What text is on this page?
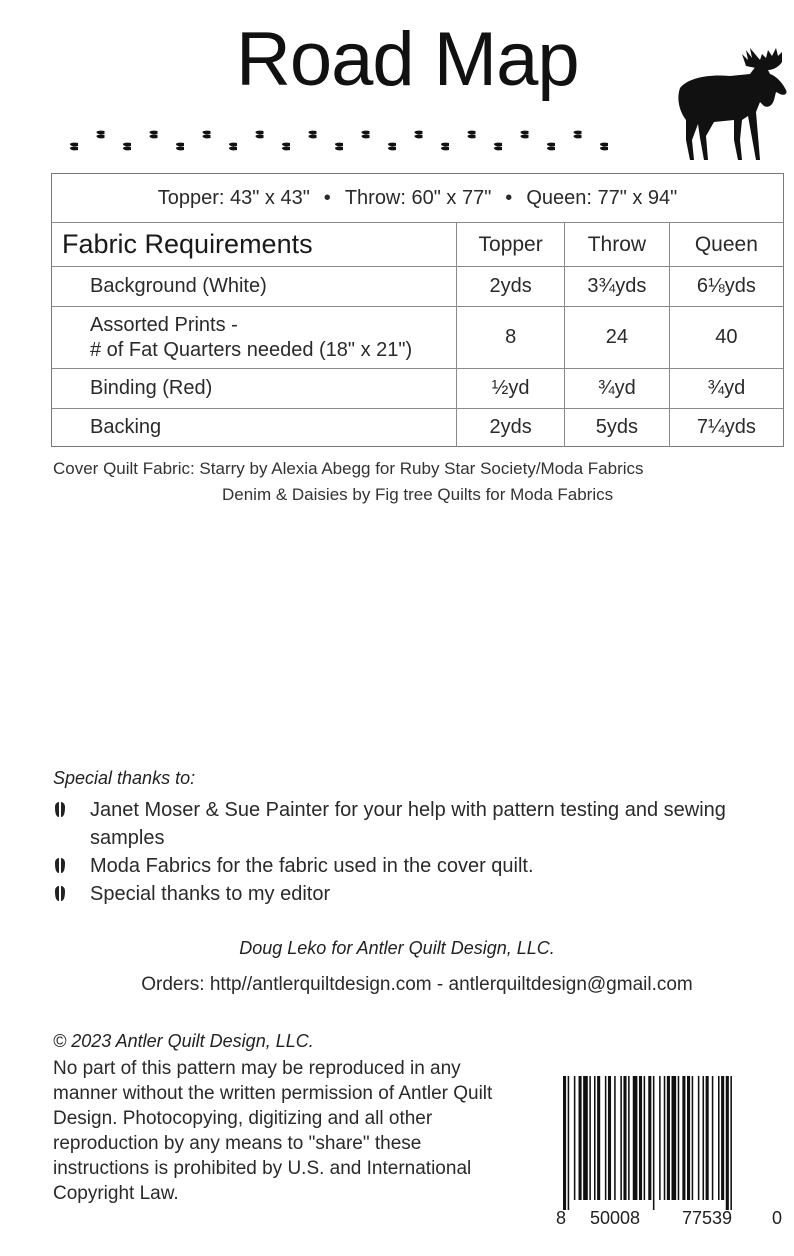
Road Map
Topper: 43" x 43" • Throw: 60" x 77" • Queen: 77" x 94"
Fabric Requirements	Topper	Throw	Queen
Background (White)	2yds	3¾yds	6⅛yds

Assorted Prints -
# of Fat Quarters needed (18" x 21")	8	24	40
Binding (Red)	½yd	¾yd	¾yd
Backing	2yds	5yds	7¼yds
Cover Quilt Fabric: Starry by Alexia Abegg for Ruby Star Society/Moda Fabrics
Denim & Daisies by Fig tree Quilts for Moda Fabrics
Special thanks to:
Janet Moser & Sue Painter for your help with pattern testing and sewing samples
Moda Fabrics for the fabric used in the cover quilt.
Special thanks to my editor
Doug Leko for Antler Quilt Design, LLC.
Orders: http//antlerquiltdesign.com - antlerquiltdesign@gmail.com
© 2023 Antler Quilt Design, LLC.
No part of this pattern may be reproduced in any manner without the written permission of Antler Quilt Design. Photocopying, digitizing and all other reproduction by any means to "share" these instructions is prohibited by U.S. and International Copyright Law.
8 50008 77539 0
